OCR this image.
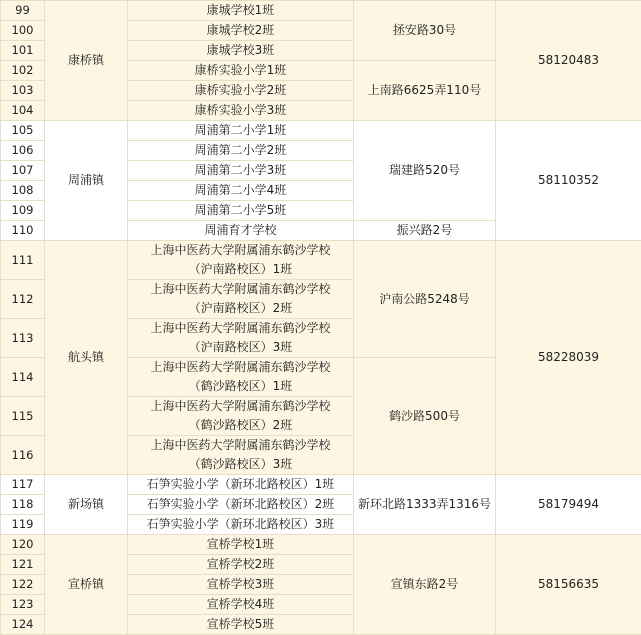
99	康桥镇	康城学校1班	拯安路30号	58120483
100		康城学校2班		
101		康城学校3班		
102		康桥实验小学1班	上南路6625弄110号	
103		康桥实验小学2班		
104		康桥实验小学3班		
105	周浦镇	周浦第二小学1班	瑞建路520号	58110352
106		周浦第二小学2班		
107		周浦第二小学3班		
108		周浦第二小学4班		
109		周浦第二小学5班		
110		周浦育才学校	振兴路2号	
111	航头镇	上海中医药大学附属浦东鹤沙学校
（沪南路校区）1班	沪南公路5248号	58228039
112		上海中医药大学附属浦东鹤沙学校
（沪南路校区）2班		
113		上海中医药大学附属浦东鹤沙学校
（沪南路校区）3班		
114		上海中医药大学附属浦东鹤沙学校
（鹤沙路校区）1班	鹤沙路500号	
115		上海中医药大学附属浦东鹤沙学校
（鹤沙路校区）2班		
116		上海中医药大学附属浦东鹤沙学校
（鹤沙路校区）3班		
117	新场镇	石笋实验小学（新环北路校区）1班	新环北路1333弄1316号	58179494
118		石笋实验小学（新环北路校区）2班		
119		石笋实验小学（新环北路校区）3班		
120	宣桥镇	宣桥学校1班	宣镇东路2号	58156635
121		宣桥学校2班		
122		宣桥学校3班		
123		宣桥学校4班		
124		宣桥学校5班		
